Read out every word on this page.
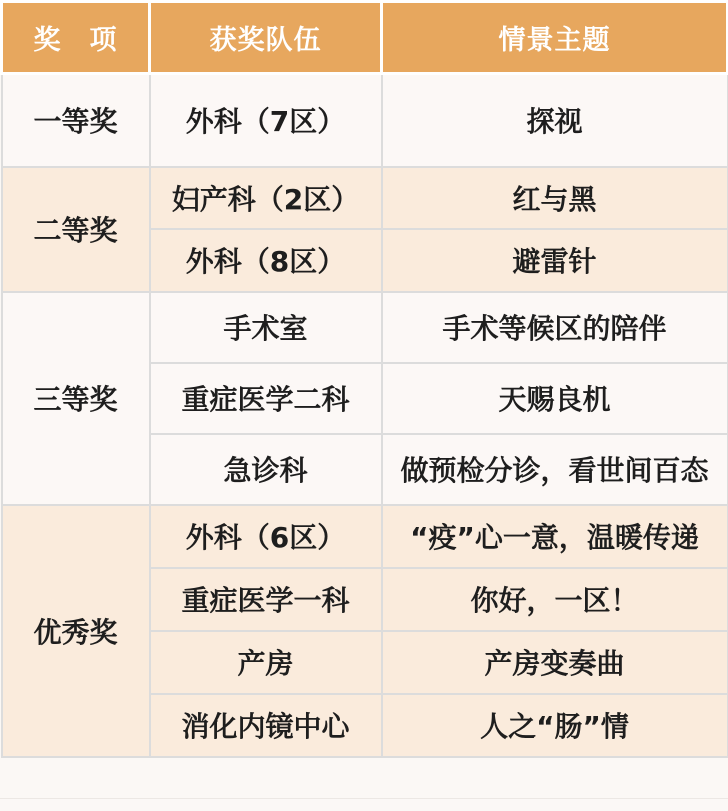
奖　项	获奖队伍	情景主题
一等奖	外科（7区）	探视
二等奖	妇产科（2区）	红与黑
	外科（8区）	避雷针
三等奖	手术室	手术等候区的陪伴
	重症医学二科	天赐良机
	急诊科	做预检分诊，看世间百态
优秀奖	外科（6区）	“疫”心一意，温暖传递
	重症医学一科	你好，一区！
	产房	产房变奏曲
	消化内镜中心	人之“肠”情
